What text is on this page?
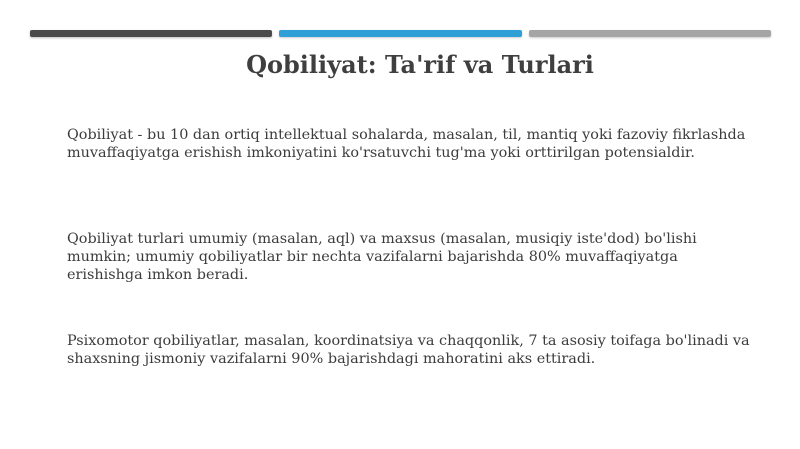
Qobiliyat: Ta'rif va Turlari
Qobiliyat - bu 10 dan ortiq intellektual sohalarda, masalan, til, mantiq yoki fazoviy fikrlashda muvaffaqiyatga erishish imkoniyatini ko'rsatuvchi tug'ma yoki orttirilgan potensialdir.
Qobiliyat turlari umumiy (masalan, aql) va maxsus (masalan, musiqiy iste'dod) bo'lishi mumkin; umumiy qobiliyatlar bir nechta vazifalarni bajarishda 80% muvaffaqiyatga erishishga imkon beradi.
Psixomotor qobiliyatlar, masalan, koordinatsiya va chaqqonlik, 7 ta asosiy toifaga bo'linadi va shaxsning jismoniy vazifalarni 90% bajarishdagi mahoratini aks ettiradi.
